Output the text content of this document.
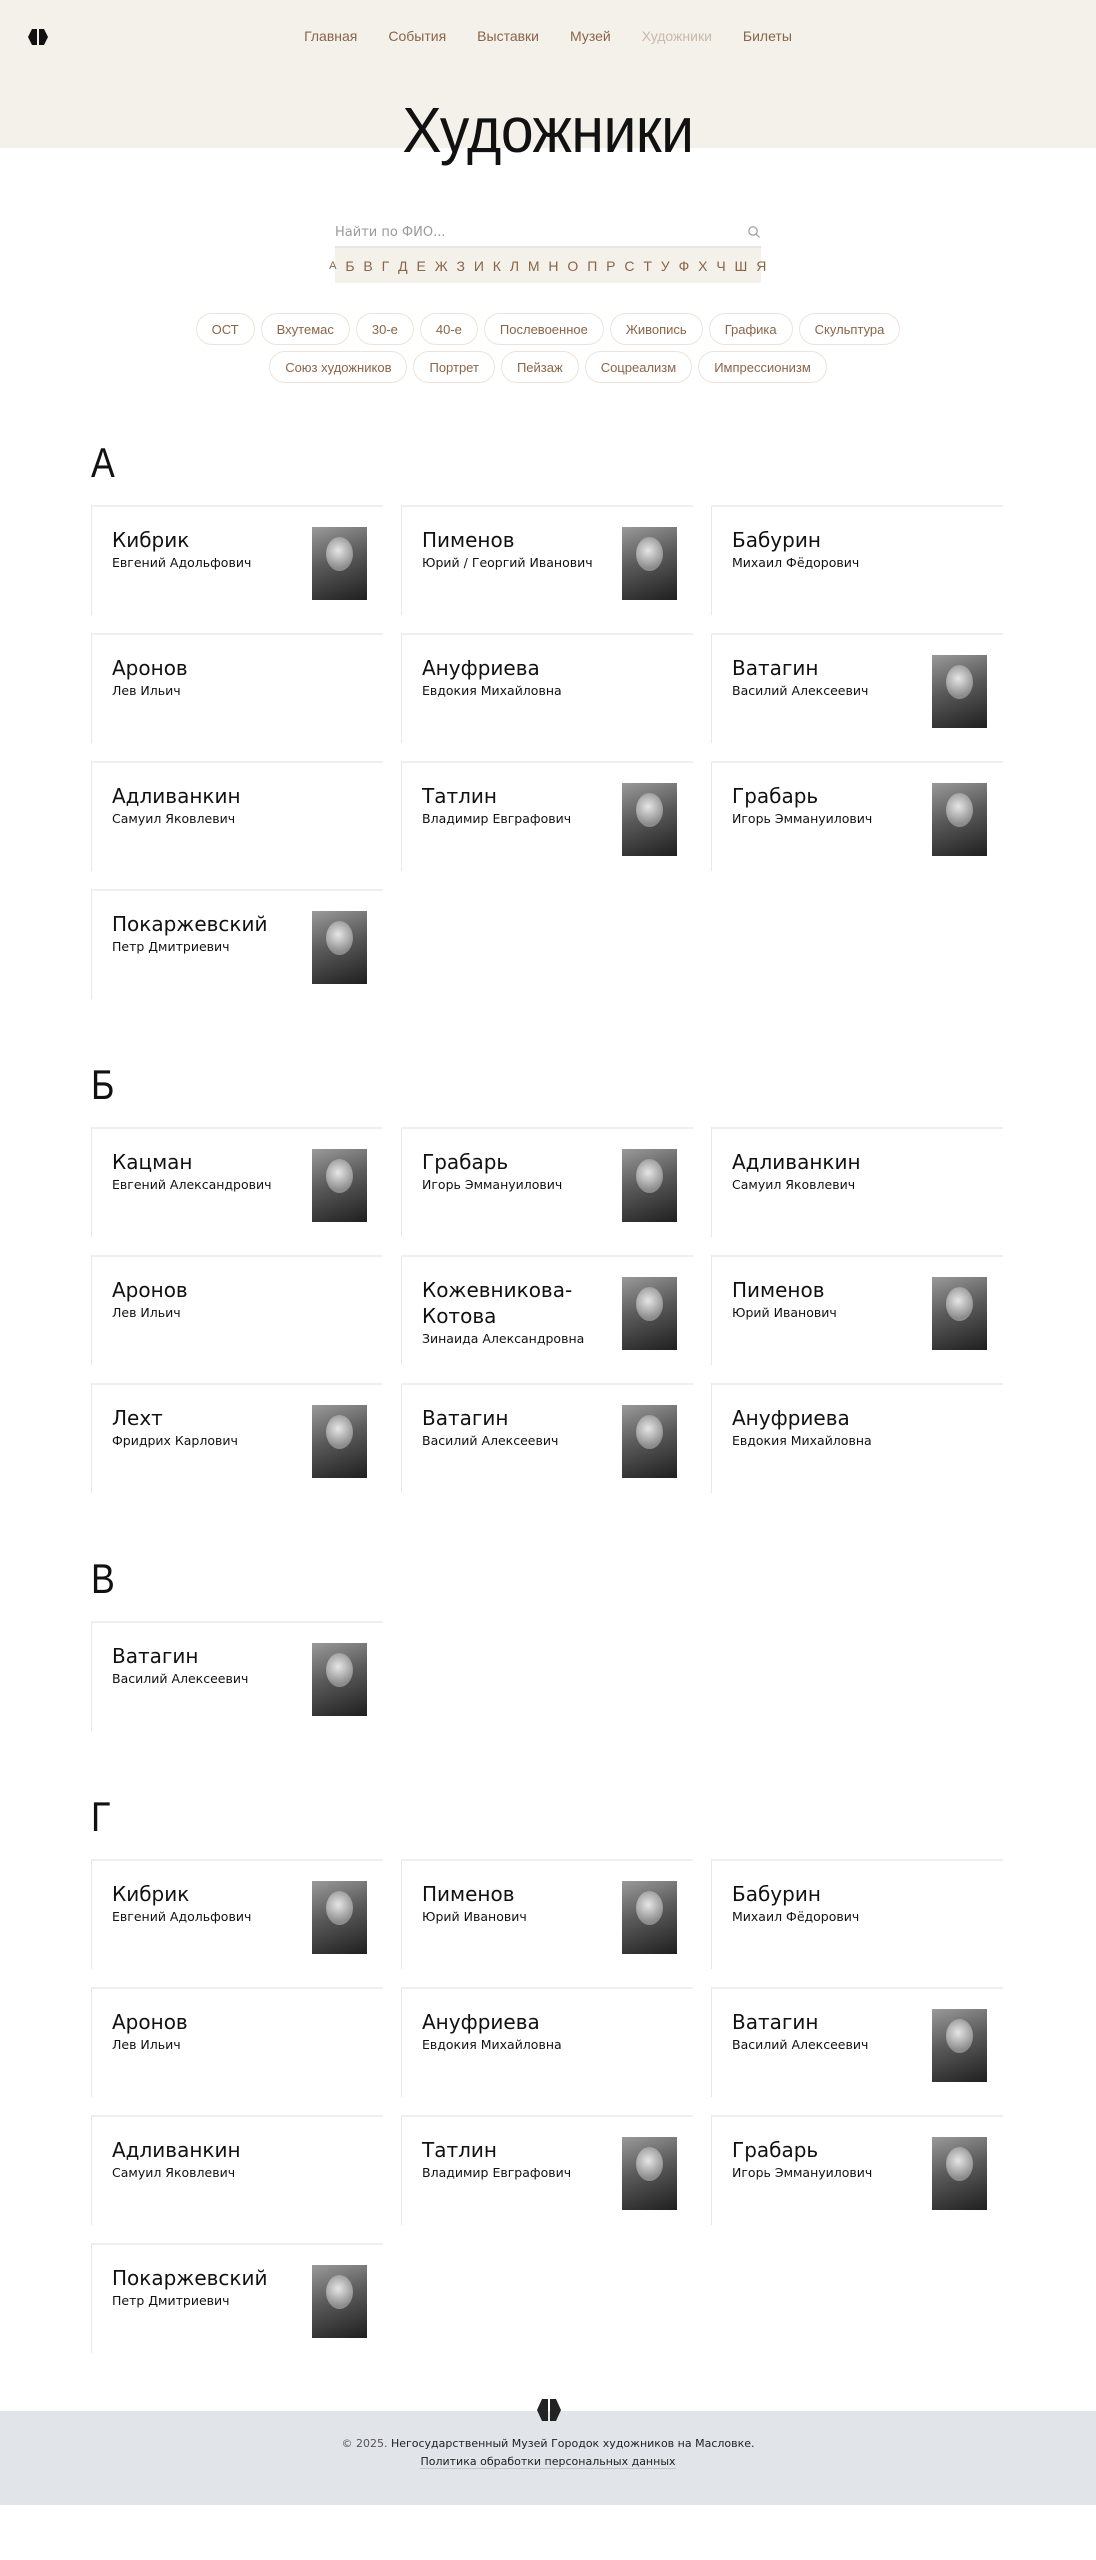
Главная События Выставки Музей Художники Билеты
Художники
Найти по ФИО...
А Б В Г Д Е Ж З И К Л М Н О П Р С Т У Ф Х Ч Ш Я
ОСТ	Вхутемас	30-е	40-е	Послевоенное	Живопись	Графика	Скульптура
Союз художников	Портрет	Пейзаж	Соцреализм	Импрессионизм
А
Кибрик
Евгений Адольфович
Пименов
Юрий / Георгий Иванович
Бабурин
Михаил Фёдорович
Аронов
Лев Ильич
Ануфриева
Евдокия Михайловна
Ватагин
Василий Алексеевич
Адливанкин
Самуил Яковлевич
Татлин
Владимир Евграфович
Грабарь
Игорь Эммануилович
Покаржевский
Петр Дмитриевич
Б
Кацман
Евгений Александрович
Грабарь
Игорь Эммануилович
Адливанкин
Самуил Яковлевич
Аронов
Лев Ильич
Кожевникова-Котова
Зинаида Александровна
Пименов
Юрий Иванович
Лехт
Фридрих Карлович
Ватагин
Василий Алексеевич
Ануфриева
Евдокия Михайловна
В
Ватагин
Василий Алексеевич
Г
Кибрик
Евгений Адольфович
Пименов
Юрий Иванович
Бабурин
Михаил Фёдорович
Аронов
Лев Ильич
Ануфриева
Евдокия Михайловна
Ватагин
Василий Алексеевич
Адливанкин
Самуил Яковлевич
Татлин
Владимир Евграфович
Грабарь
Игорь Эммануилович
Покаржевский
Петр Дмитриевич
© 2025. Негосударственный Музей Городок художников на Масловке.
Политика обработки персональных данных
